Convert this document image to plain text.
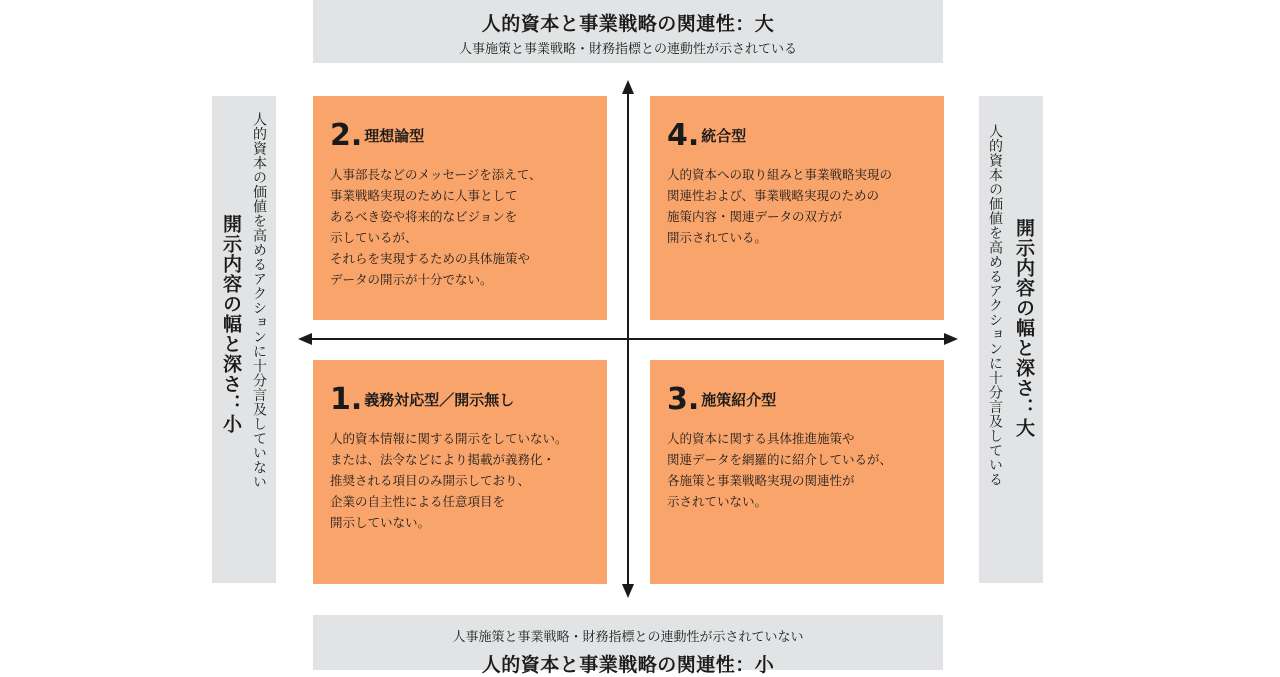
人的資本と事業戦略の関連性：大
人事施策と事業戦略・財務指標との連動性が示されている
人事施策と事業戦略・財務指標との連動性が示されていない
人的資本と事業戦略の関連性：小
人的資本の価値を高めるアクションに十分言及していない
開示内容の幅と深さ：小	人的資本の価値を高めるアクションに十分言及している 開示内容の幅と深さ：大
2. 理想論型
人事部長などのメッセージを添えて、
事業戦略実現のために人事として
あるべき姿や将来的なビジョンを
示しているが、
それらを実現するための具体施策や
データの開示が十分でない。
4. 統合型
人的資本への取り組みと事業戦略実現の
関連性および、事業戦略実現のための
施策内容・関連データの双方が
開示されている。
1. 義務対応型／開示無し
人的資本情報に関する開示をしていない。
または、法令などにより掲載が義務化・
推奨される項目のみ開示しており、
企業の自主性による任意項目を
開示していない。
3. 施策紹介型
人的資本に関する具体推進施策や
関連データを網羅的に紹介しているが、
各施策と事業戦略実現の関連性が
示されていない。
